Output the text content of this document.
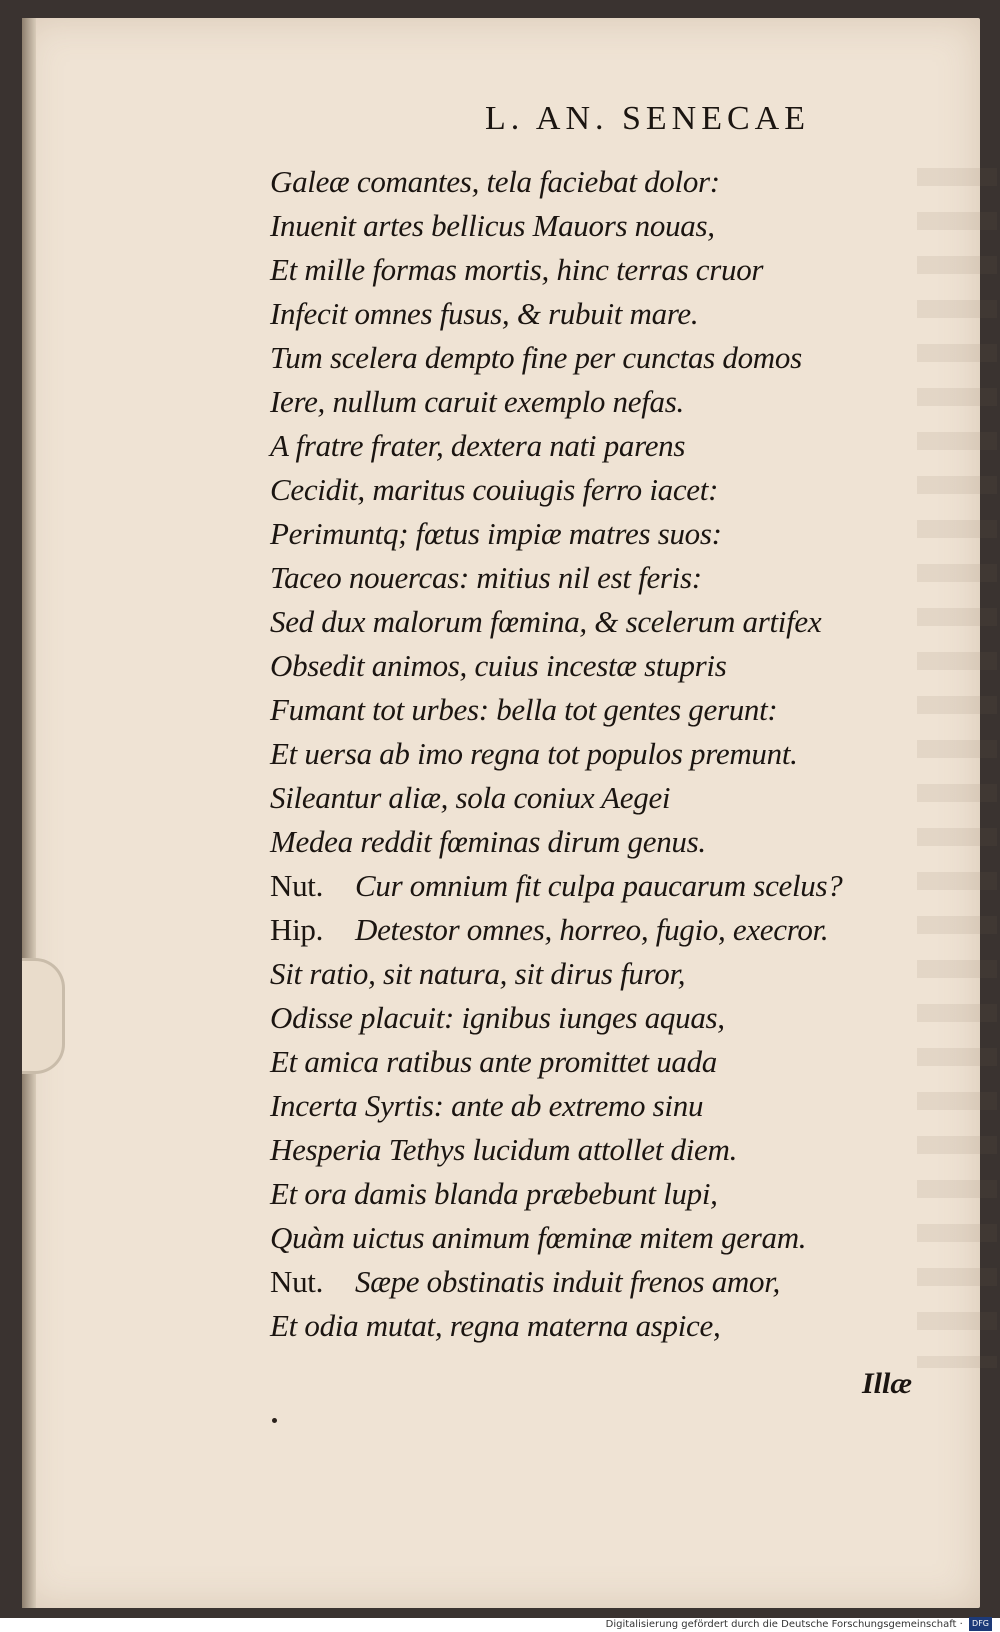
L. AN. SENECAE
Galeæ comantes, tela faciebat dolor:
Inuenit artes bellicus Mauors nouas,
Et mille formas mortis, hinc terras cruor
Infecit omnes fusus, & rubuit mare.
Tum scelera dempto fine per cunctas domos
Iere, nullum caruit exemplo nefas.
A fratre frater, dextera nati parens
Cecidit, maritus couiugis ferro iacet:
Perimuntq; fœtus impiæ matres suos:
Taceo nouercas: mitius nil est feris:
Sed dux malorum fœmina, & scelerum artifex
Obsedit animos, cuius incestæ stupris
Fumant tot urbes: bella tot gentes gerunt:
Et uersa ab imo regna tot populos premunt.
Sileantur aliæ, sola coniux Aegei
Medea reddit fœminas dirum genus.
Nut. Cur omnium fit culpa paucarum scelus?
Hip. Detestor omnes, horreo, fugio, execror.
Sit ratio, sit natura, sit dirus furor,
Odisse placuit: ignibus iunges aquas,
Et amica ratibus ante promittet uada
Incerta Syrtis: ante ab extremo sinu
Hesperia Tethys lucidum attollet diem.
Et ora damis blanda præbebunt lupi,
Quàm uictus animum fœminæ mitem geram.
Nut. Sæpe obstinatis induit frenos amor,
Et odia mutat, regna materna aspice,
Illæ
Digitalisierung gefördert durch die Deutsche Forschungsgemeinschaft · DFG
